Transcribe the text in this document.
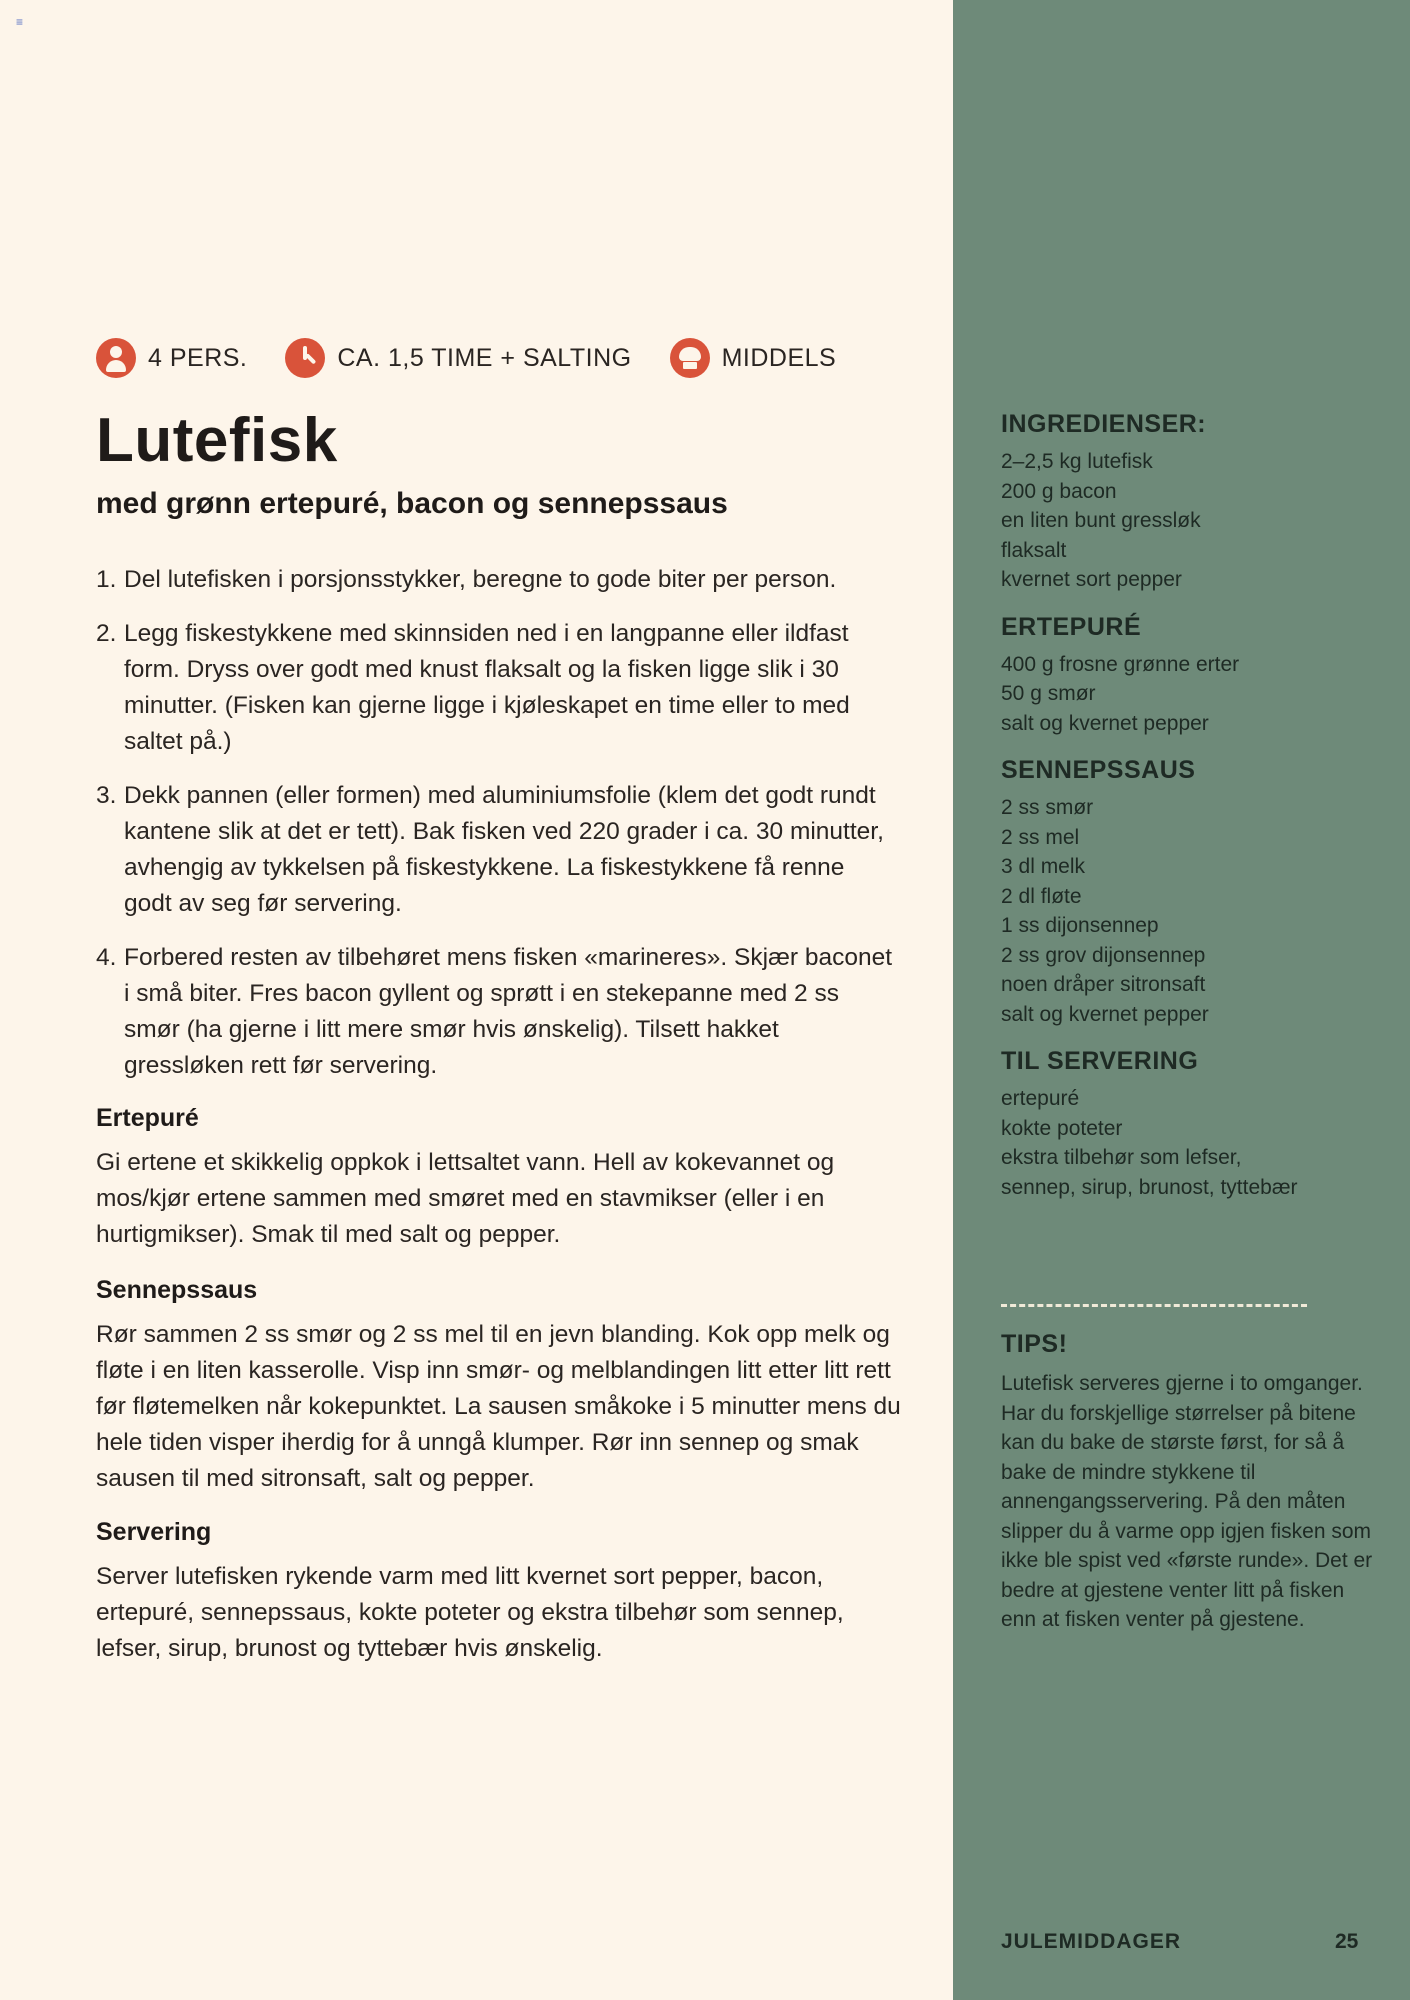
≡
4 PERS.	CA. 1,5 TIME + SALTING	MIDDELS
Lutefisk
med grønn ertepuré, bacon og sennepssaus
1. Del lutefisken i porsjonsstykker, beregne to gode biter per person.
2. Legg fiskestykkene med skinnsiden ned i en langpanne eller ildfast form. Dryss over godt med knust flaksalt og la fisken ligge slik i 30 minutter. (Fisken kan gjerne ligge i kjøleskapet en time eller to med saltet på.)
3. Dekk pannen (eller formen) med aluminiumsfolie (klem det godt rundt kantene slik at det er tett). Bak fisken ved 220 grader i ca. 30 minutter, avhengig av tykkelsen på fiskestykkene. La fiskestykkene få renne godt av seg før servering.
4. Forbered resten av tilbehøret mens fisken «marineres». Skjær baconet i små biter. Fres bacon gyllent og sprøtt i en stekepanne med 2 ss smør (ha gjerne i litt mere smør hvis ønskelig). Tilsett hakket gressløken rett før servering.
Ertepuré

Gi ertene et skikkelig oppkok i lettsaltet vann. Hell av kokevannet og mos/kjør ertene sammen med smøret med en stavmikser (eller i en hurtigmikser). Smak til med salt og pepper.

Sennepssaus

Rør sammen 2 ss smør og 2 ss mel til en jevn blanding. Kok opp melk og fløte i en liten kasserolle. Visp inn smør- og melblandingen litt etter litt rett før fløtemelken når kokepunktet. La sausen småkoke i 5 minutter mens du hele tiden visper iherdig for å unngå klumper. Rør inn sennep og smak sausen til med sitronsaft, salt og pepper.

Servering

Server lutefisken rykende varm med litt kvernet sort pepper, bacon, ertepuré, sennepssaus, kokte poteter og ekstra tilbehør som sennep, lefser, sirup, brunost og tyttebær hvis ønskelig.

INGREDIENSER:
2–2,5 kg lutefisk
200 g bacon
en liten bunt gressløk
flaksalt
kvernet sort pepper
ERTEPURÉ
400 g frosne grønne erter
50 g smør
salt og kvernet pepper
SENNEPSSAUS
2 ss smør
2 ss mel
3 dl melk
2 dl fløte
1 ss dijonsennep
2 ss grov dijonsennep
noen dråper sitronsaft
salt og kvernet pepper
TIL SERVERING
ertepuré
kokte poteter
ekstra tilbehør som lefser,
sennep, sirup, brunost, tyttebær
TIPS!

Lutefisk serveres gjerne i to omganger. Har du forskjellige størrelser på bitene kan du bake de største først, for så å bake de mindre stykkene til annengangsservering. På den måten slipper du å varme opp igjen fisken som ikke ble spist ved «første runde». Det er bedre at gjestene venter litt på fisken enn at fisken venter på gjestene.

JULEMIDDAGER	25
